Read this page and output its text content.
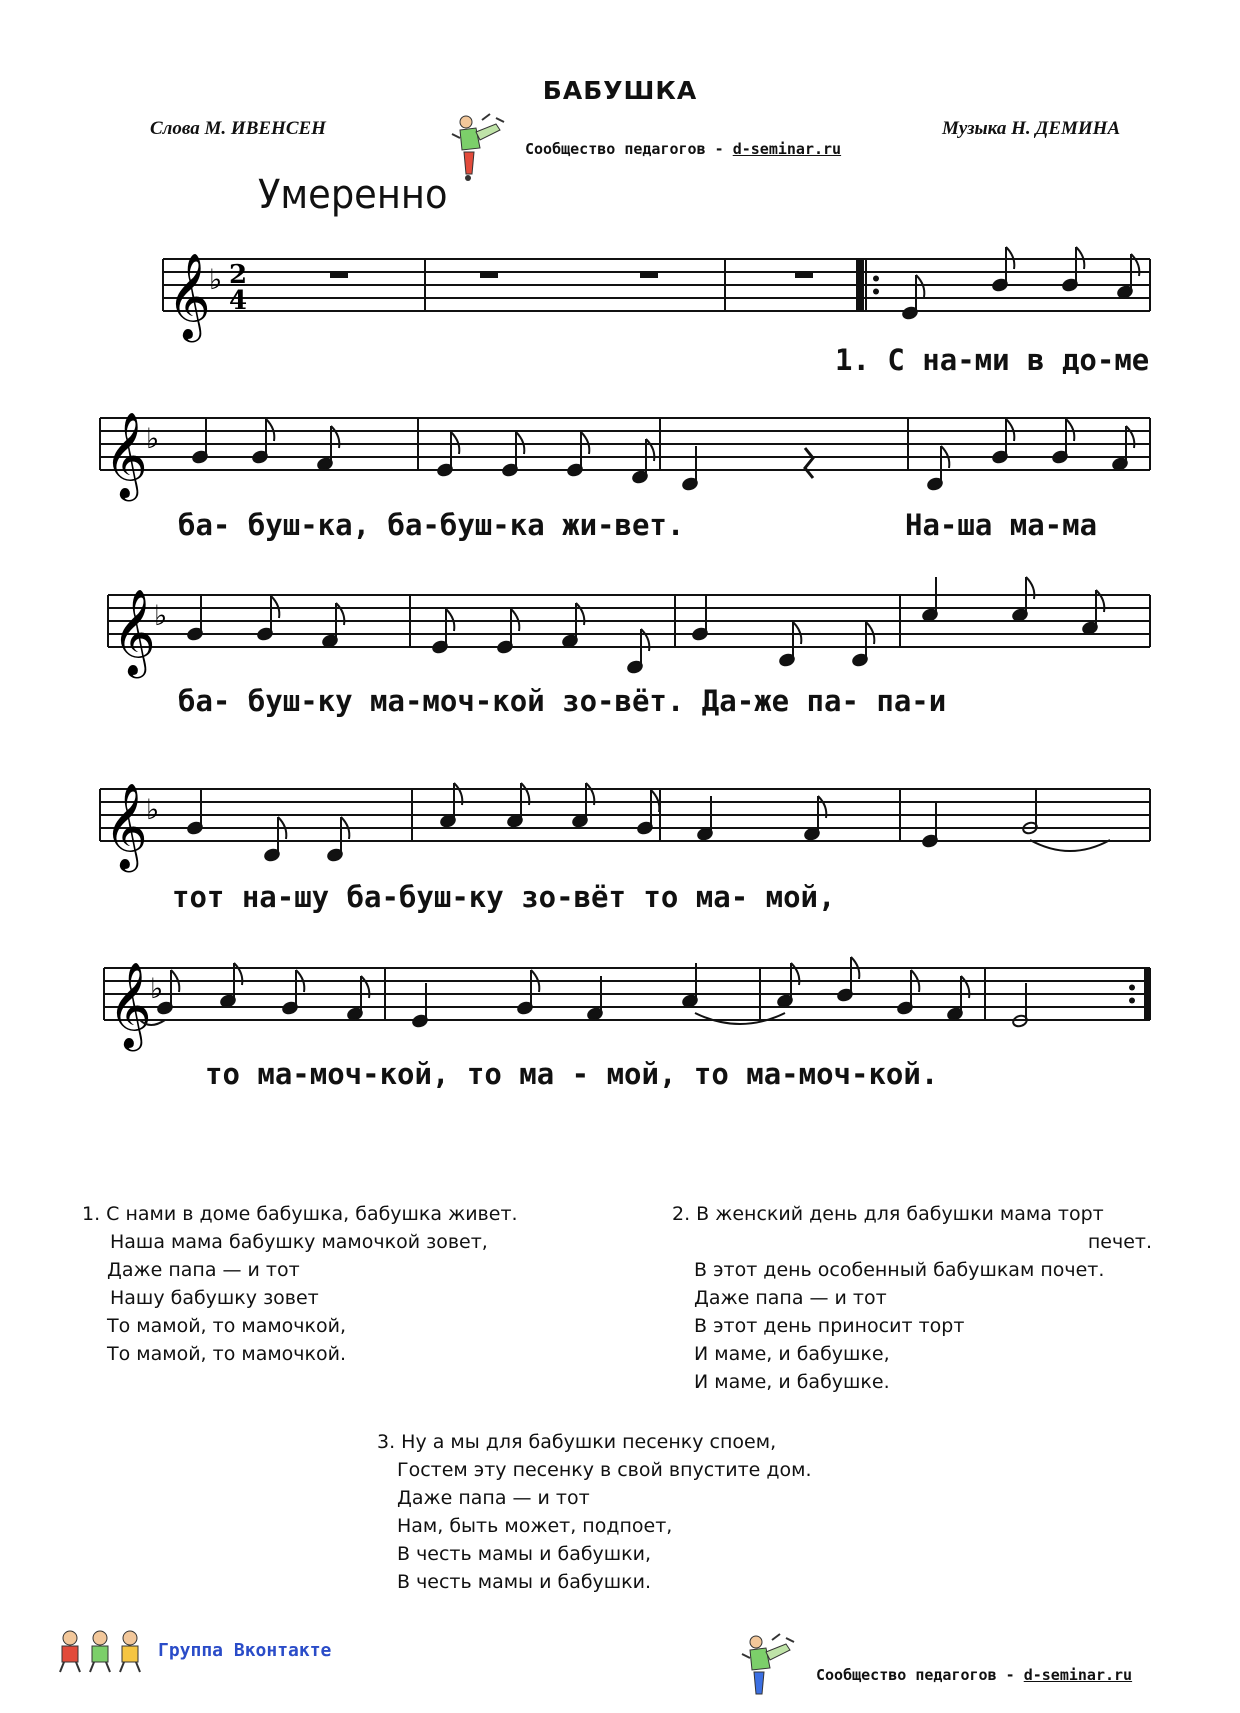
БАБУШКА
Слова М. ИВЕНСЕН	Музыка Н. ДЕМИНА
Сообщество педагогов - d-seminar.ru
Умеренно
𝄞
♭ 2
4
𝄞
♭
𝄞
♭
𝄞
♭
𝄞
♭
1. С на-ми в до-ме
ба- буш-ка, ба-буш-ка жи-вет.	На-ша ма-ма
ба- буш-ку ма-моч-кой зо-вёт. Да-же па- па-и
тот на-шу ба-буш-ку зо-вёт то ма- мой,
то ма-моч-кой, то ма - мой, то ма-моч-кой.
1. С нами в доме бабушка, бабушка живет.
Наша мама бабушку мамочкой зовет,
Даже папа — и тот
Нашу бабушку зовет
То мамой, то мамочкой,
То мамой, то мамочкой.
2. В женский день для бабушки мама торт
печет.
В этот день особенный бабушкам почет.
Даже папа — и тот
В этот день приносит торт
И маме, и бабушке,
И маме, и бабушке.
3. Ну а мы для бабушки песенку споем,
Гостем эту песенку в свой впустите дом.
Даже папа — и тот
Нам, быть может, подпоет,
В честь мамы и бабушки,
В честь мамы и бабушки.
Группа Вконтакте
Сообщество педагогов - d-seminar.ru
